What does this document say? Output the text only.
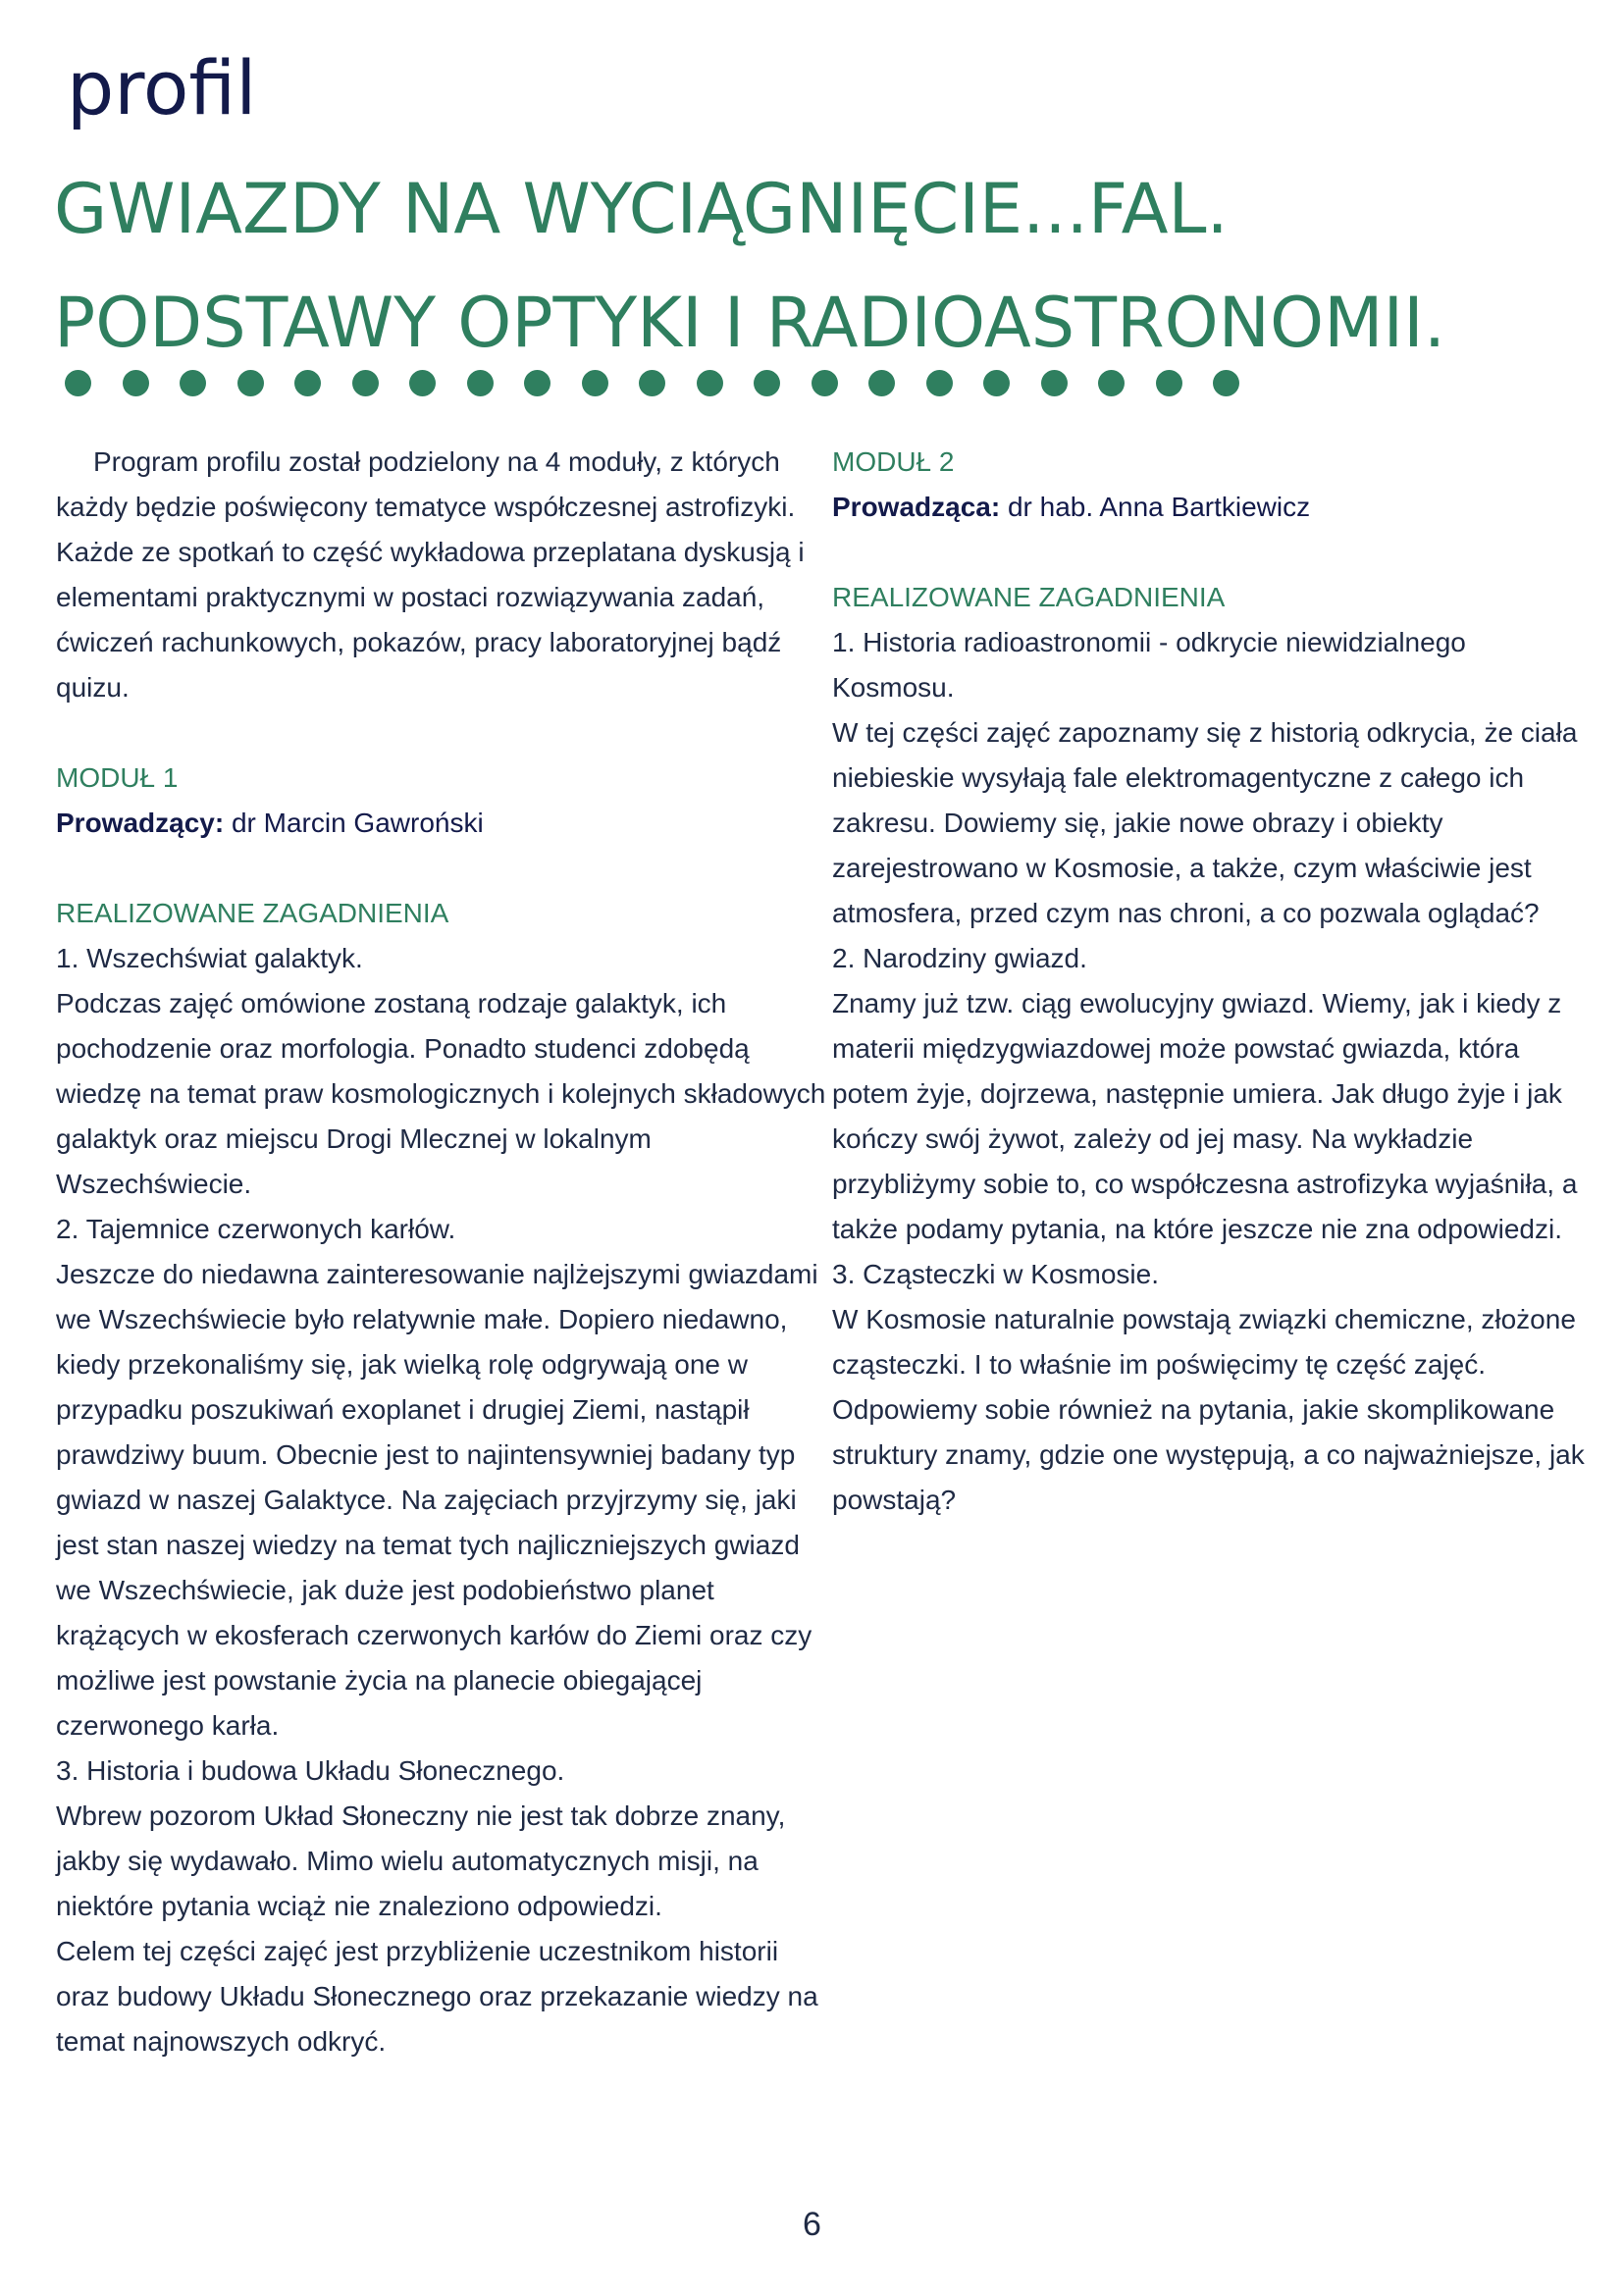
profil
GWIAZDY NA WYCIĄGNIĘCIE...FAL.
PODSTAWY OPTYKI I RADIOASTRONOMII.

Program profilu został podzielony na 4 moduły, z których każdy będzie poświęcony tematyce współczesnej astrofizyki. Każde ze spotkań to część wykładowa przeplatana dyskusją i elementami praktycznymi w postaci rozwiązywania zadań, ćwiczeń rachunkowych, pokazów, pracy laboratoryjnej bądź quizu.

MODUŁ 1

Prowadzący: dr Marcin Gawroński

REALIZOWANE ZAGADNIENIA

1. Wszechświat galaktyk.

Podczas zajęć omówione zostaną rodzaje galaktyk, ich pochodzenie oraz morfologia. Ponadto studenci zdobędą wiedzę na temat praw kosmologicznych i kolejnych składowych galaktyk oraz miejscu Drogi Mlecznej w lokalnym Wszechświecie.

2. Tajemnice czerwonych karłów.

Jeszcze do niedawna zainteresowanie najlżejszymi gwiazdami we Wszechświecie było relatywnie małe. Dopiero niedawno, kiedy przekonaliśmy się, jak wielką rolę odgrywają one w przypadku poszukiwań exoplanet i drugiej Ziemi, nastąpił prawdziwy buum. Obecnie jest to najintensywniej badany typ gwiazd w naszej Galaktyce. Na zajęciach przyjrzymy się, jaki jest stan naszej wiedzy na temat tych najliczniejszych gwiazd we Wszechświecie, jak duże jest podobieństwo planet krążących w ekosferach czerwonych karłów do Ziemi oraz czy możliwe jest powstanie życia na planecie obiegającej czerwonego karła.

3. Historia i budowa Układu Słonecznego.

Wbrew pozorom Układ Słoneczny nie jest tak dobrze znany, jakby się wydawało. Mimo wielu automatycznych misji, na niektóre pytania wciąż nie znaleziono odpowiedzi.

Celem tej części zajęć jest przybliżenie uczestnikom historii oraz budowy Układu Słonecznego oraz przekazanie wiedzy na temat najnowszych odkryć.

MODUŁ 2

Prowadząca: dr hab. Anna Bartkiewicz

REALIZOWANE ZAGADNIENIA

1. Historia radioastronomii - odkrycie niewidzialnego Kosmosu.

W tej części zajęć zapoznamy się z historią odkrycia, że ciała niebieskie wysyłają fale elektromagentyczne z całego ich zakresu. Dowiemy się, jakie nowe obrazy i obiekty zarejestrowano w Kosmosie, a także, czym właściwie jest atmosfera, przed czym nas chroni, a co pozwala oglądać?

2. Narodziny gwiazd.

Znamy już tzw. ciąg ewolucyjny gwiazd. Wiemy, jak i kiedy z materii międzygwiazdowej może powstać gwiazda, która potem żyje, dojrzewa, następnie umiera. Jak długo żyje i jak kończy swój żywot, zależy od jej masy. Na wykładzie przybliżymy sobie to, co współczesna astrofizyka wyjaśniła, a także podamy pytania, na które jeszcze nie zna odpowiedzi.

3. Cząsteczki w Kosmosie.

W Kosmosie naturalnie powstają związki chemiczne, złożone cząsteczki. I to właśnie im poświęcimy tę część zajęć. Odpowiemy sobie również na pytania, jakie skomplikowane struktury znamy, gdzie one występują, a co najważniejsze, jak powstają?

6
